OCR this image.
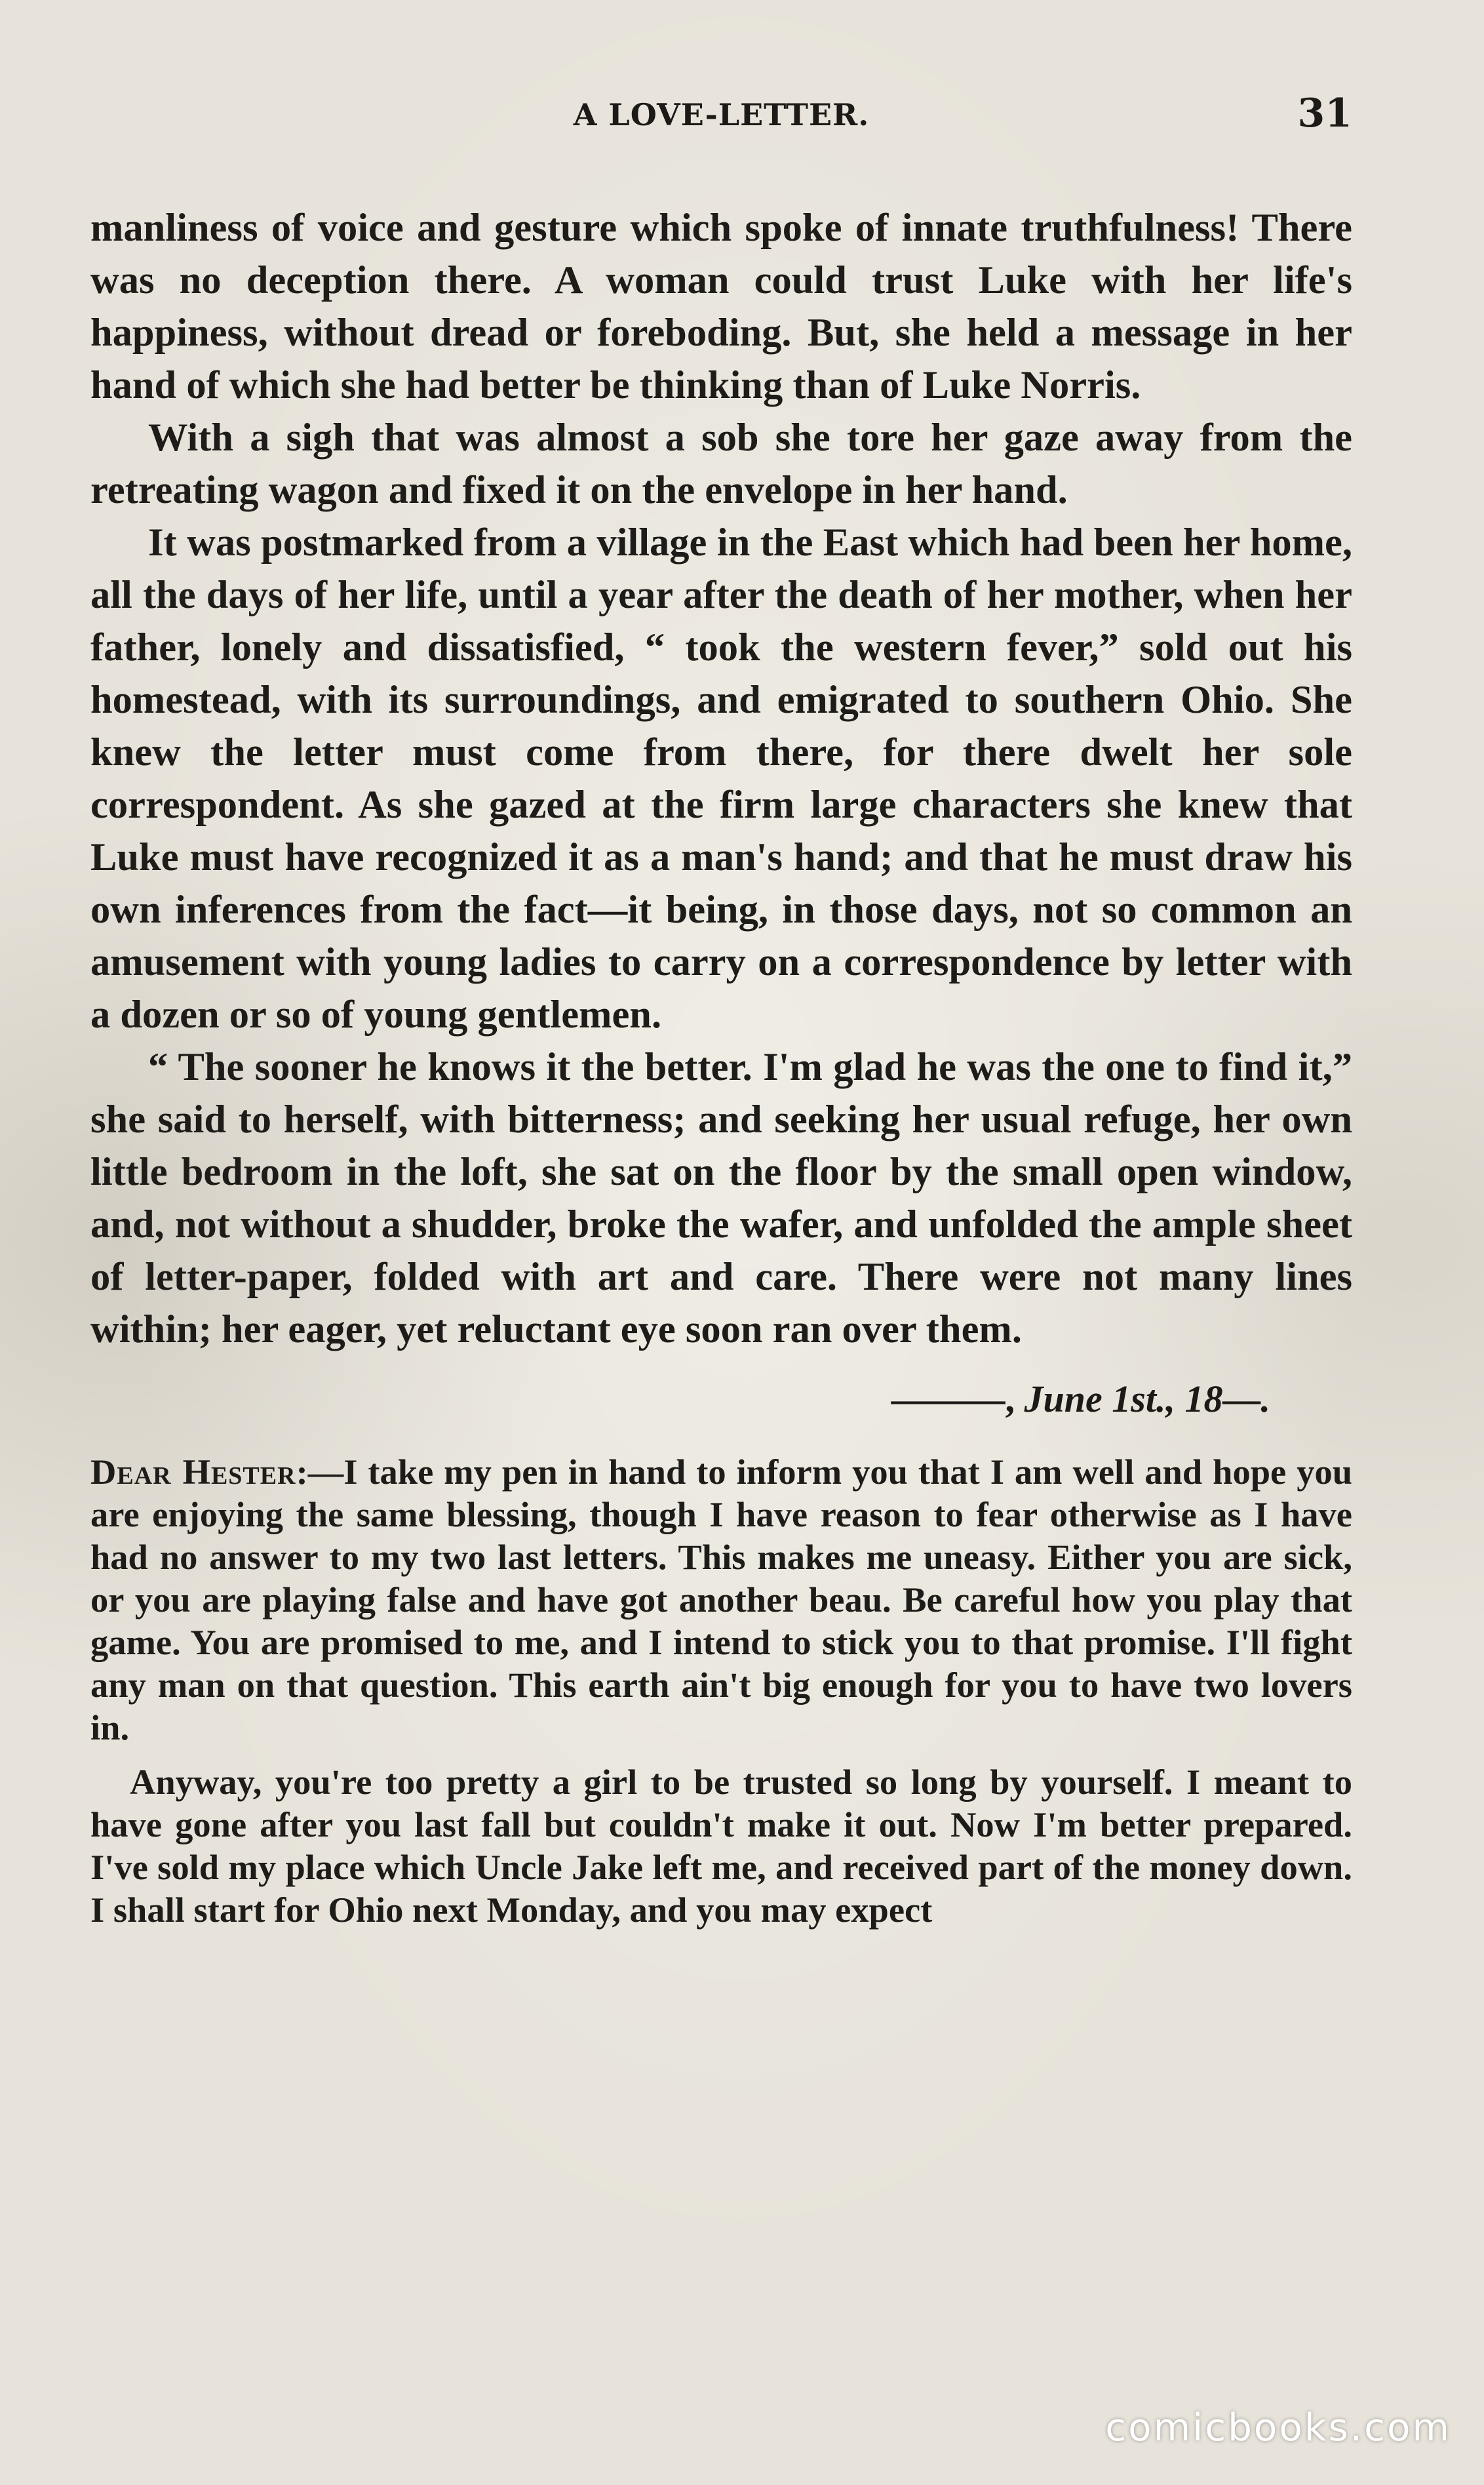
A LOVE-LETTER.	31

manliness of voice and gesture which spoke of innate truthfulness! There was no deception there. A woman could trust Luke with her life's happiness, without dread or foreboding. But, she held a message in her hand of which she had better be thinking than of Luke Norris.

With a sigh that was almost a sob she tore her gaze away from the retreating wagon and fixed it on the envelope in her hand.

It was postmarked from a village in the East which had been her home, all the days of her life, until a year after the death of her mother, when her father, lonely and dissatisfied, “ took the western fever,” sold out his homestead, with its surroundings, and emigrated to southern Ohio. She knew the letter must come from there, for there dwelt her sole correspondent. As she gazed at the firm large characters she knew that Luke must have recognized it as a man's hand; and that he must draw his own inferences from the fact—it being, in those days, not so common an amusement with young ladies to carry on a correspondence by letter with a dozen or so of young gentlemen.

“ The sooner he knows it the better. I'm glad he was the one to find it,” she said to herself, with bitterness; and seeking her usual refuge, her own little bedroom in the loft, she sat on the floor by the small open window, and, not without a shudder, broke the wafer, and unfolded the ample sheet of letter-paper, folded with art and care. There were not many lines within; her eager, yet reluctant eye soon ran over them.

———, June 1st., 18—.

Dear Hester:—I take my pen in hand to inform you that I am well and hope you are enjoying the same blessing, though I have reason to fear otherwise as I have had no answer to my two last letters. This makes me uneasy. Either you are sick, or you are playing false and have got another beau. Be careful how you play that game. You are promised to me, and I intend to stick you to that promise. I'll fight any man on that question. This earth ain't big enough for you to have two lovers in.

Anyway, you're too pretty a girl to be trusted so long by yourself. I meant to have gone after you last fall but couldn't make it out. Now I'm better prepared. I've sold my place which Uncle Jake left me, and received part of the money down. I shall start for Ohio next Monday, and you may expect

comicbooks.com
